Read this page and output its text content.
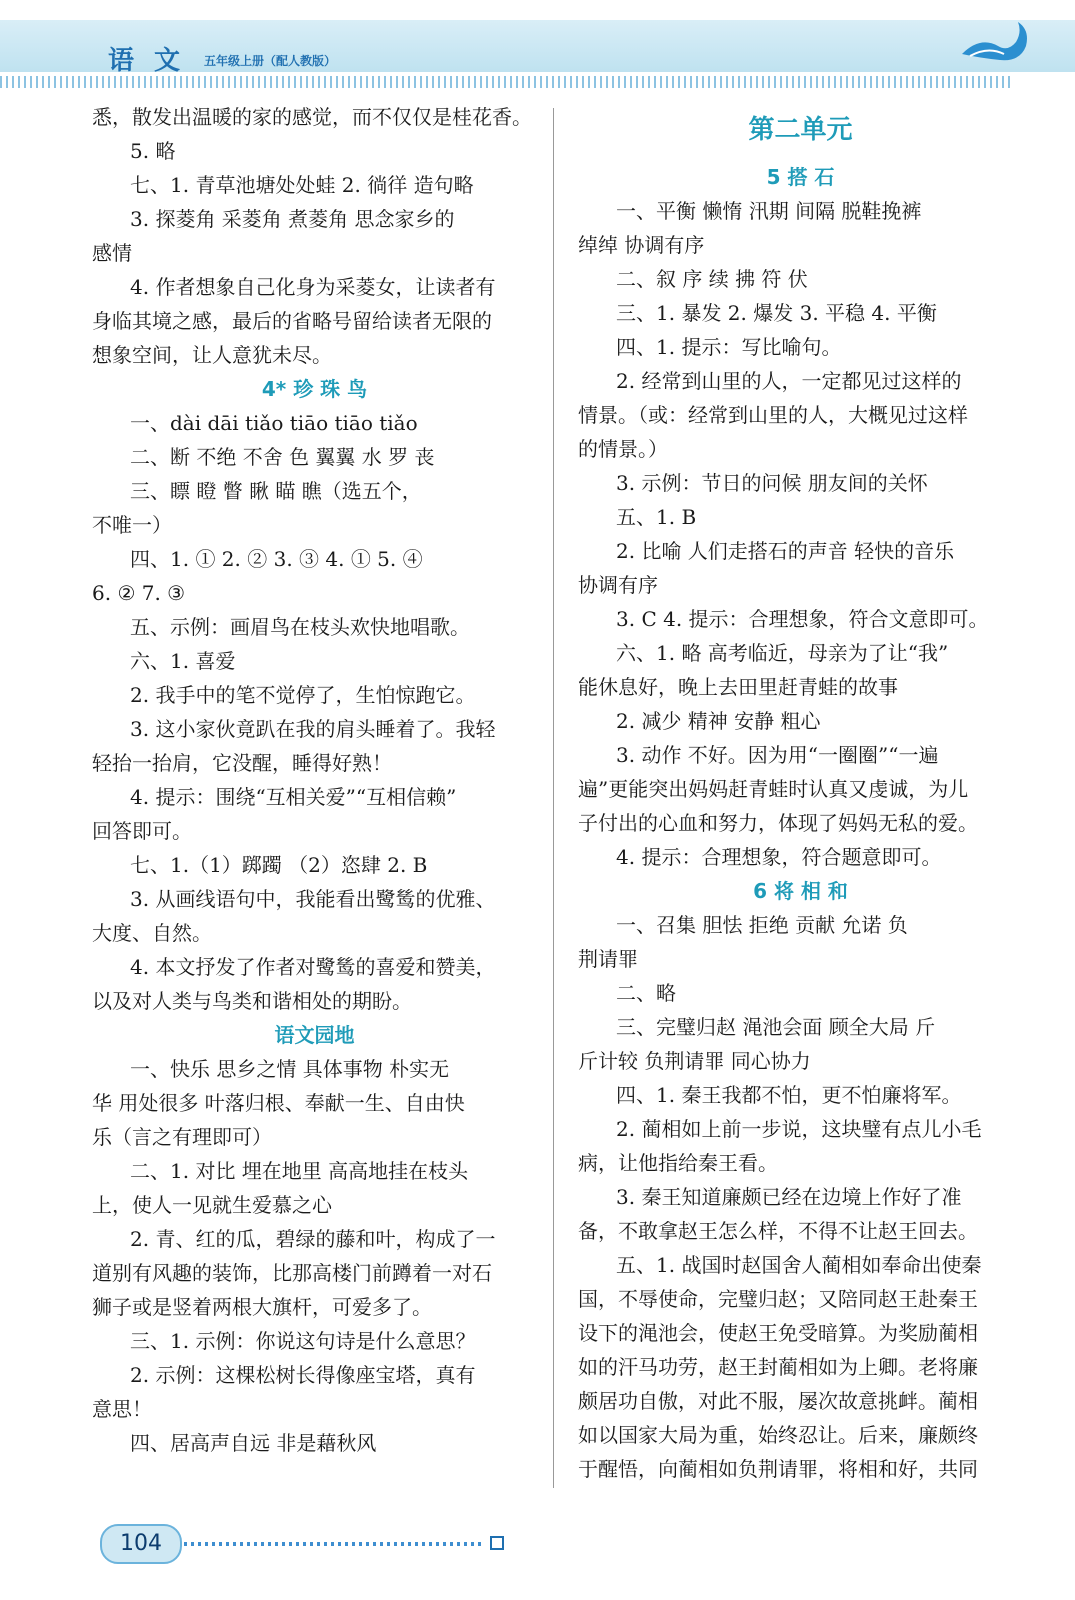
语文 五年级上册（配人教版）
悉，散发出温暖的家的感觉，而不仅仅是桂花香。
5. 略
七、1. 青草池塘处处蛙 2. 徜徉 造句略
3. 探菱角 采菱角 煮菱角 思念家乡的
感情
4. 作者想象自己化身为采菱女，让读者有
身临其境之感，最后的省略号留给读者无限的
想象空间，让人意犹未尽。
4* 珍 珠 鸟
一、dài dāi tiǎo tiāo tiāo tiǎo
二、断 不绝 不舍 色 翼翼 水 罗 丧
三、瞟 瞪 瞥 瞅 瞄 瞧（选五个，
不唯一）
四、1. ① 2. ② 3. ③ 4. ① 5. ④
6. ② 7. ③
五、示例：画眉鸟在枝头欢快地唱歌。
六、1. 喜爱
2. 我手中的笔不觉停了，生怕惊跑它。
3. 这小家伙竟趴在我的肩头睡着了。我轻
轻抬一抬肩，它没醒，睡得好熟！
4. 提示：围绕“互相关爱”“互相信赖”
回答即可。
七、1.（1）踯躅 （2）恣肆 2. B
3. 从画线语句中，我能看出鹭鸶的优雅、
大度、自然。
4. 本文抒发了作者对鹭鸶的喜爱和赞美，
以及对人类与鸟类和谐相处的期盼。
语文园地
一、快乐 思乡之情 具体事物 朴实无
华 用处很多 叶落归根、奉献一生、自由快
乐（言之有理即可）
二、1. 对比 埋在地里 高高地挂在枝头
上，使人一见就生爱慕之心
2. 青、红的瓜，碧绿的藤和叶，构成了一
道别有风趣的装饰，比那高楼门前蹲着一对石
狮子或是竖着两根大旗杆，可爱多了。
三、1. 示例：你说这句诗是什么意思？
2. 示例：这棵松树长得像座宝塔，真有
意思！
四、居高声自远 非是藉秋风
第二单元
5 搭 石
一、平衡 懒惰 汛期 间隔 脱鞋挽裤
绰绰 协调有序
二、叙 序 续 拂 符 伏
三、1. 暴发 2. 爆发 3. 平稳 4. 平衡
四、1. 提示：写比喻句。
2. 经常到山里的人，一定都见过这样的
情景。（或：经常到山里的人，大概见过这样
的情景。）
3. 示例：节日的问候 朋友间的关怀
五、1. B
2. 比喻 人们走搭石的声音 轻快的音乐
协调有序
3. C 4. 提示：合理想象，符合文意即可。
六、1. 略 高考临近，母亲为了让“我”
能休息好，晚上去田里赶青蛙的故事
2. 减少 精神 安静 粗心
3. 动作 不好。因为用“一圈圈”“一遍
遍”更能突出妈妈赶青蛙时认真又虔诚，为儿
子付出的心血和努力，体现了妈妈无私的爱。
4. 提示：合理想象，符合题意即可。
6 将 相 和
一、召集 胆怯 拒绝 贡献 允诺 负
荆请罪
二、略
三、完璧归赵 渑池会面 顾全大局 斤
斤计较 负荆请罪 同心协力
四、1. 秦王我都不怕，更不怕廉将军。
2. 蔺相如上前一步说，这块璧有点儿小毛
病，让他指给秦王看。
3. 秦王知道廉颇已经在边境上作好了准
备，不敢拿赵王怎么样，不得不让赵王回去。
五、1. 战国时赵国舍人蔺相如奉命出使秦
国，不辱使命，完璧归赵；又陪同赵王赴秦王
设下的渑池会，使赵王免受暗算。为奖励蔺相
如的汗马功劳，赵王封蔺相如为上卿。老将廉
颇居功自傲，对此不服，屡次故意挑衅。蔺相
如以国家大局为重，始终忍让。后来，廉颇终
于醒悟，向蔺相如负荆请罪，将相和好，共同
104
